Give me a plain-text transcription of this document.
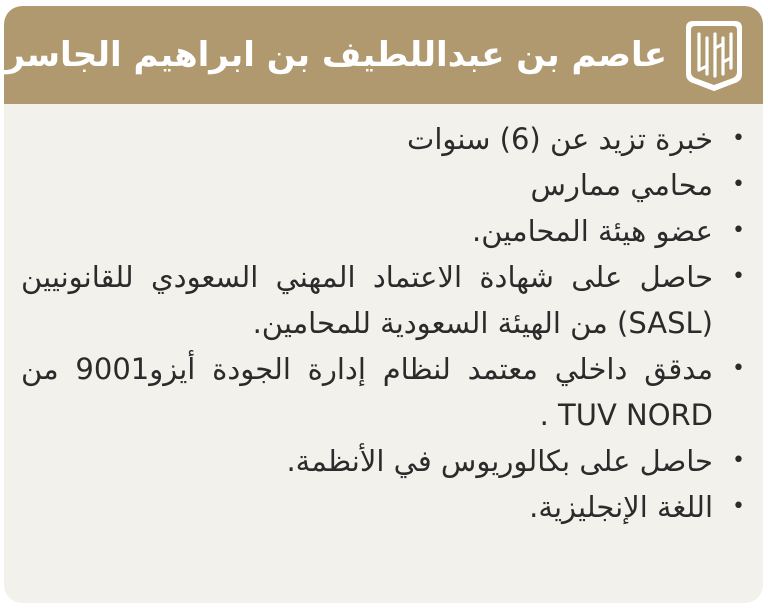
عاصم بن عبداللطيف بن ابراهيم الجاسر
•
خبرة تزيد عن (6) سنوات
•
محامي ممارس
•
عضو هيئة المحامين.
•
حاصل على شهادة الاعتماد المهني السعودي للقانونيين (SASL) من الهيئة السعودية للمحامين.
•
مدقق داخلي معتمد لنظام إدارة الجودة أيزو9001 من TUV NORD .
•
حاصل على بكالوريوس في الأنظمة.
•
اللغة الإنجليزية.
